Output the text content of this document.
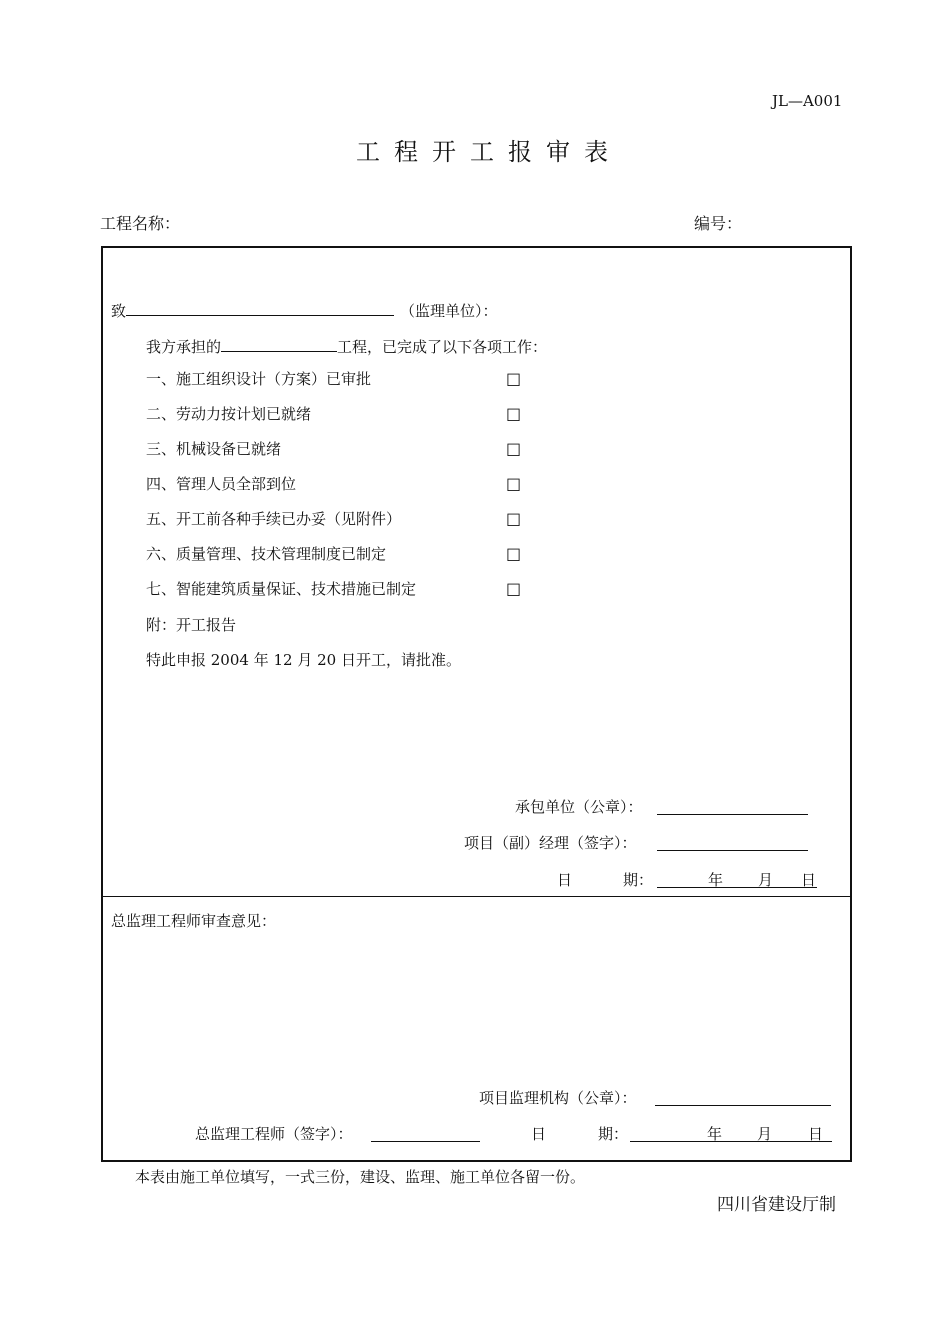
JL—A001
工程开工报审表
工程名称：	编号：
致	（监理单位）：
我方承担的	工程，已完成了以下各项工作：
一、施工组织设计（方案）已审批	□
二、劳动力按计划已就绪	□
三、机械设备已就绪	□
四、管理人员全部到位	□
五、开工前各种手续已办妥（见附件）	□
六、质量管理、技术管理制度已制定	□
七、智能建筑质量保证、技术措施已制定	□
附：开工报告
特此申报 2004 年 12 月 20 日开工，请批准。
承包单位（公章）：
项目（副）经理（签字）：
日	期：	年 月 日
总监理工程师审查意见：
项目监理机构（公章）：
总监理工程师（签字）：	日	期：	年 月 日
本表由施工单位填写，一式三份，建设、监理、施工单位各留一份。
四川省建设厅制
